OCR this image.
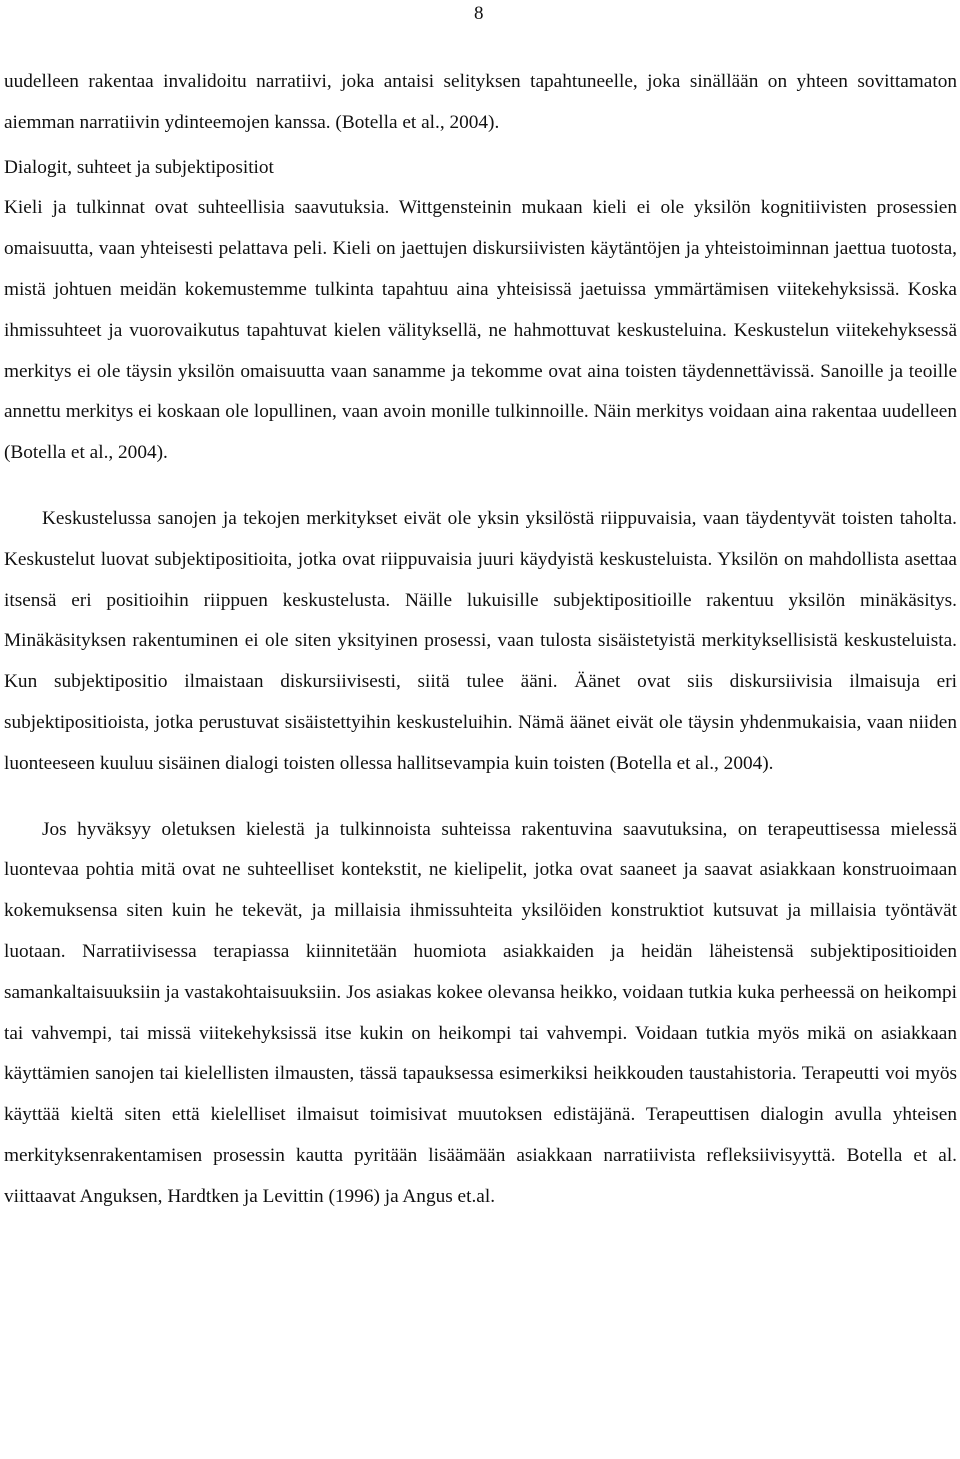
8

uudelleen rakentaa invalidoitu narratiivi, joka antaisi selityksen tapahtuneelle, joka sinällään on yhteen sovittamaton aiemman narratiivin ydinteemojen kanssa. (Botella et al., 2004).

Dialogit, suhteet ja subjektipositiot

Kieli ja tulkinnat ovat suhteellisia saavutuksia. Wittgensteinin mukaan kieli ei ole yksilön kognitiivisten prosessien omaisuutta, vaan yhteisesti pelattava peli. Kieli on jaettujen diskursiivisten käytäntöjen ja yhteistoiminnan jaettua tuotosta, mistä johtuen meidän kokemustemme tulkinta tapahtuu aina yhteisissä jaetuissa ymmärtämisen viitekehyksissä. Koska ihmissuhteet ja vuorovaikutus tapahtuvat kielen välityksellä, ne hahmottuvat keskusteluina. Keskustelun viitekehyksessä merkitys ei ole täysin yksilön omaisuutta vaan sanamme ja tekomme ovat aina toisten täydennettävissä. Sanoille ja teoille annettu merkitys ei koskaan ole lopullinen, vaan avoin monille tulkinnoille. Näin merkitys voidaan aina rakentaa uudelleen (Botella et al., 2004).

Keskustelussa sanojen ja tekojen merkitykset eivät ole yksin yksilöstä riippuvaisia, vaan täydentyvät toisten taholta. Keskustelut luovat subjektipositioita, jotka ovat riippuvaisia juuri käydyistä keskusteluista. Yksilön on mahdollista asettaa itsensä eri positioihin riippuen keskustelusta. Näille lukuisille subjektipositioille rakentuu yksilön minäkäsitys. Minäkäsityksen rakentuminen ei ole siten yksityinen prosessi, vaan tulosta sisäistetyistä merkityksellisistä keskusteluista. Kun subjektipositio ilmaistaan diskursiivisesti, siitä tulee ääni. Äänet ovat siis diskursiivisia ilmaisuja eri subjektipositioista, jotka perustuvat sisäistettyihin keskusteluihin. Nämä äänet eivät ole täysin yhdenmukaisia, vaan niiden luonteeseen kuuluu sisäinen dialogi toisten ollessa hallitsevampia kuin toisten (Botella et al., 2004).

Jos hyväksyy oletuksen kielestä ja tulkinnoista suhteissa rakentuvina saavutuksina, on terapeuttisessa mielessä luontevaa pohtia mitä ovat ne suhteelliset kontekstit, ne kielipelit, jotka ovat saaneet ja saavat asiakkaan konstruoimaan kokemuksensa siten kuin he tekevät, ja millaisia ihmissuhteita yksilöiden konstruktiot kutsuvat ja millaisia työntävät luotaan. Narratiivisessa terapiassa kiinnitetään huomiota asiakkaiden ja heidän läheistensä subjektipositioiden samankaltaisuuksiin ja vastakohtaisuuksiin. Jos asiakas kokee olevansa heikko, voidaan tutkia kuka perheessä on heikompi tai vahvempi, tai missä viitekehyksissä itse kukin on heikompi tai vahvempi. Voidaan tutkia myös mikä on asiakkaan käyttämien sanojen tai kielellisten ilmausten, tässä tapauksessa esimerkiksi heikkouden taustahistoria. Terapeutti voi myös käyttää kieltä siten että kielelliset ilmaisut toimisivat muutoksen edistäjänä. Terapeuttisen dialogin avulla yhteisen merkityksenrakentamisen prosessin kautta pyritään lisäämään asiakkaan narratiivista refleksiivisyyttä. Botella et al. viittaavat Anguksen, Hardtken ja Levittin (1996) ja Angus et.al.
